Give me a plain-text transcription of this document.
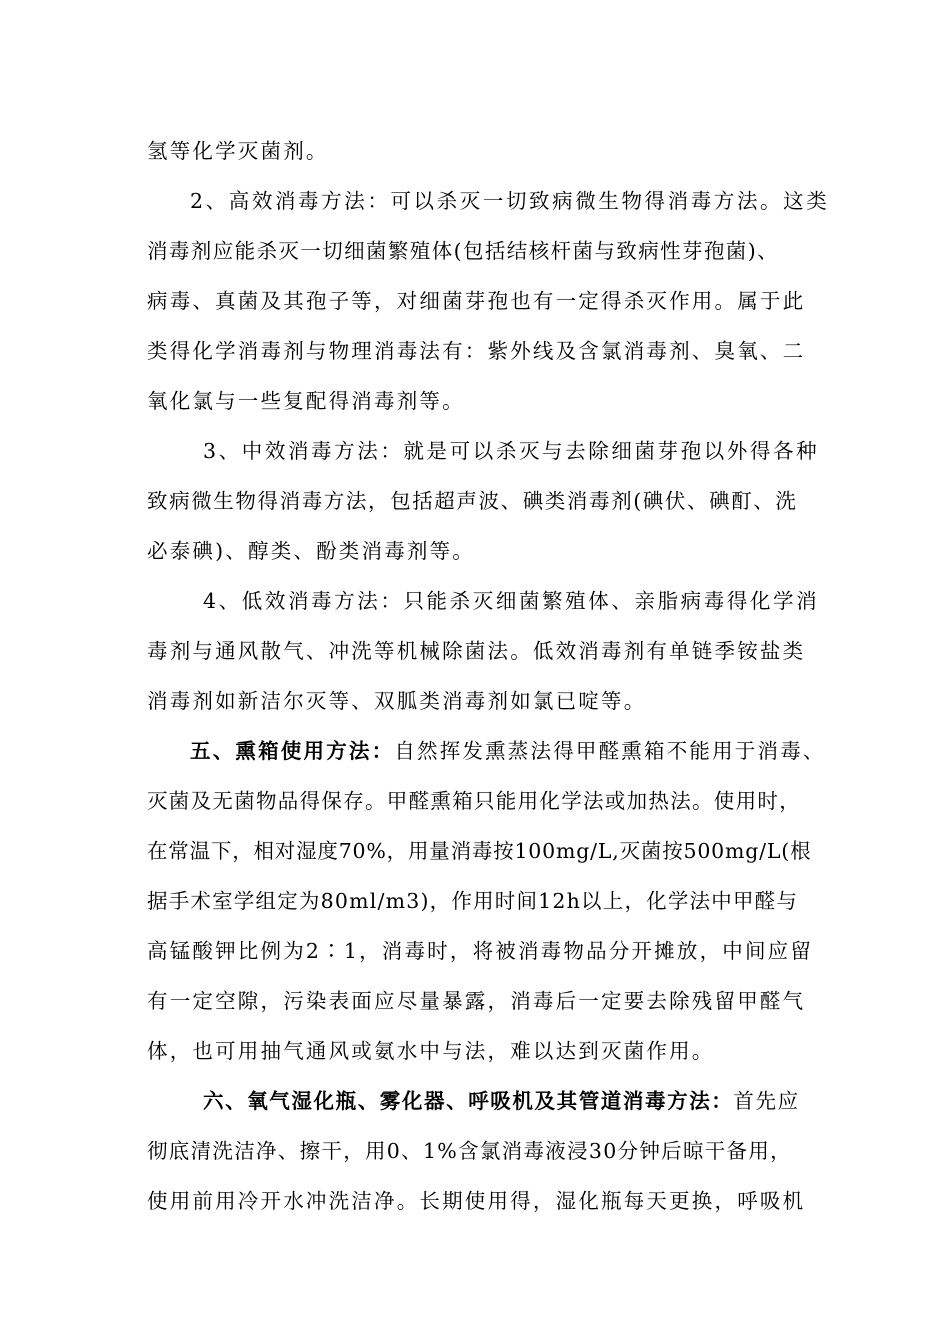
氢等化学灭菌剂。
2、高效消毒方法：可以杀灭一切致病微生物得消毒方法。这类
消毒剂应能杀灭一切细菌繁殖体(包括结核杆菌与致病性芽孢菌)、
病毒、真菌及其孢子等，对细菌芽孢也有一定得杀灭作用。属于此
类得化学消毒剂与物理消毒法有：紫外线及含氯消毒剂、臭氧、二
氧化氯与一些复配得消毒剂等。
3、中效消毒方法：就是可以杀灭与去除细菌芽孢以外得各种
致病微生物得消毒方法，包括超声波、碘类消毒剂(碘伏、碘酊、洗
必泰碘)、醇类、酚类消毒剂等。
4、低效消毒方法：只能杀灭细菌繁殖体、亲脂病毒得化学消
毒剂与通风散气、冲洗等机械除菌法。低效消毒剂有单链季铵盐类
消毒剂如新洁尔灭等、双胍类消毒剂如氯已啶等。
五、熏箱使用方法：自然挥发熏蒸法得甲醛熏箱不能用于消毒、
灭菌及无菌物品得保存。甲醛熏箱只能用化学法或加热法。使用时，
在常温下，相对湿度70%，用量消毒按100mg/L,灭菌按500mg/L(根
据手术室学组定为80ml/m3)，作用时间12h以上，化学法中甲醛与
高锰酸钾比例为2∶1，消毒时，将被消毒物品分开摊放，中间应留
有一定空隙，污染表面应尽量暴露，消毒后一定要去除残留甲醛气
体，也可用抽气通风或氨水中与法，难以达到灭菌作用。
六、氧气湿化瓶、雾化器、呼吸机及其管道消毒方法：首先应
彻底清洗洁净、擦干，用0、1%含氯消毒液浸30分钟后晾干备用，
使用前用冷开水冲洗洁净。长期使用得，湿化瓶每天更换，呼吸机
